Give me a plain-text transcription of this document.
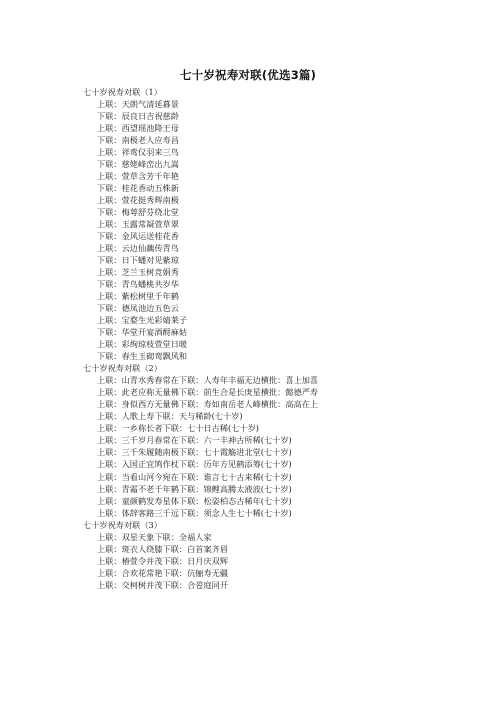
七十岁祝寿对联(优选3篇)
七十岁祝寿对联（1）
上联：天朗气清延暮景
下联：辰良日吉祝慈龄
上联：西望瑶池降王母
下联：南极老人应寿昌
上联：祥鸾仪羽来三鸟
下联：慈姥峰峦出九嵩
上联：萱草含芳千年艳
下联：桂花香动五株新
上联：萱花挺秀辉南极
下联：梅萼舒芬绕北堂
上联：玉露常凝萱草翠
下联：金风运送桂花香
上联：云边仙藕传青鸟
下联：日下蟠对见紫琼
上联：芝兰玉树竞娟秀
下联：青鸟蟠桃共岁华
上联：紫松树里千年鹤
下联：德凤池边五色云
上联：宝婺生光彩婧莱子
下联：华堂开宴酒酹麻姑
上联：彩绚琼枝萱堂日暖
下联：春生玉砌鸾飘风和
七十岁祝寿对联（2）
上联：山青水秀春常在下联：人寿年丰福无边横批：喜上加喜
上联：此老应称无量佛下联：前生合是长庚星横批：懿德严寿
上联：身似西方无量佛下联：寿如南岳老人峰横批：高高在上
上联：人歌上寿下联：天与稀龄(七十岁)
上联：一乡称长者下联：七十日古稀(七十岁)
上联：三千岁月春常在下联：六一丰神古所稀(七十岁)
上联：三千朱履随南极下联：七十霞觞进北堂(七十岁)
上联：入国正宜鸠作杖下联：历年方见鹤添筹(七十岁)
上联：当看山河今宛在下联：谁言七十古来稀(七十岁)
上联：青霜不老千年鹤下联：锦鲤高腾太液波(七十岁)
上联：童颜鹤发寿星体下联：松姿柏态古稀年(七十岁)
上联：体辞客路三千远下联：须念人生七十稀(七十岁)
七十岁祝寿对联（3）
上联：双星天象下联：全福人家
上联：斑衣人绕膝下联：白首案齐眉
上联：椿萱令并茂下联：日月庆双辉
上联：合欢花常艳下联：伉俪寿无疆
上联：交柯树并茂下联：合卺庭同开
